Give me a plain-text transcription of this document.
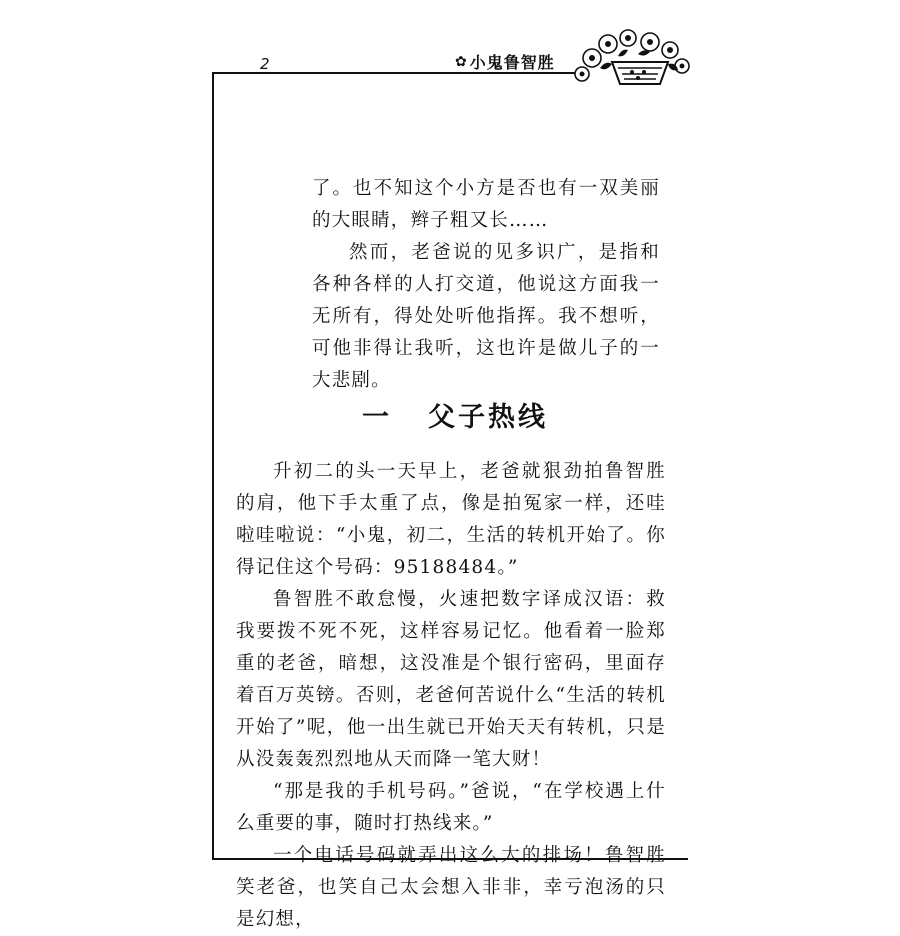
2	✿ 小鬼鲁智胜

了。也不知这个小方是否也有一双美丽的大眼睛，辫子粗又长……

然而，老爸说的见多识广，是指和各种各样的人打交道，他说这方面我一无所有，得处处听他指挥。我不想听，可他非得让我听，这也许是做儿子的一大悲剧。

一 父子热线

升初二的头一天早上，老爸就狠劲拍鲁智胜的肩，他下手太重了点，像是拍冤家一样，还哇啦哇啦说：“小鬼，初二，生活的转机开始了。你得记住这个号码：95188484。”

鲁智胜不敢怠慢，火速把数字译成汉语：救我要拨不死不死，这样容易记忆。他看着一脸郑重的老爸，暗想，这没准是个银行密码，里面存着百万英镑。否则，老爸何苦说什么“生活的转机开始了”呢，他一出生就已开始天天有转机，只是从没轰轰烈烈地从天而降一笔大财！

“那是我的手机号码。”爸说，“在学校遇上什么重要的事，随时打热线来。”

一个电话号码就弄出这么大的排场！鲁智胜笑老爸，也笑自己太会想入非非，幸亏泡汤的只是幻想，
